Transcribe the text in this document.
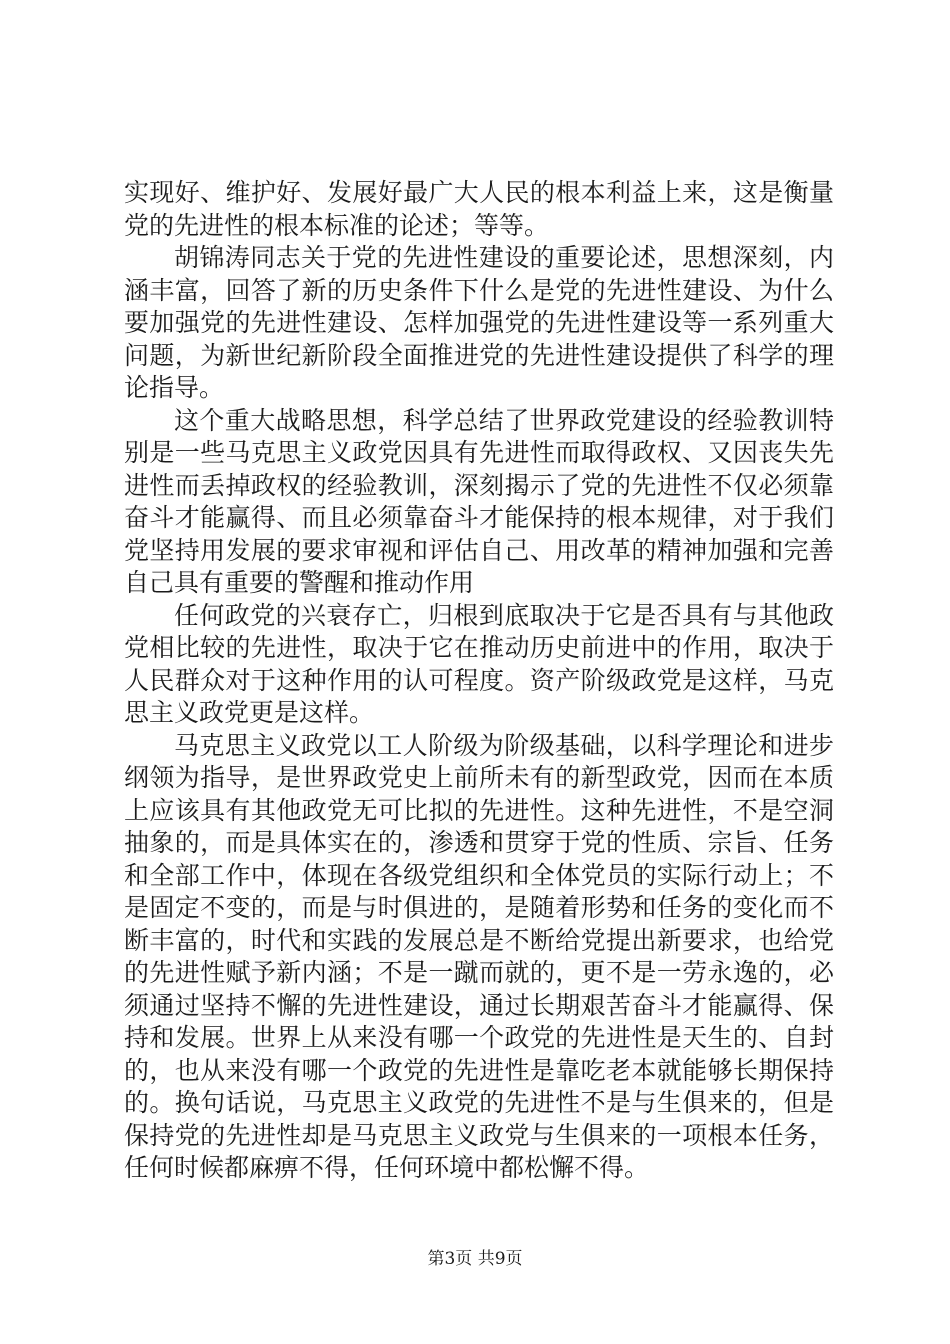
实现好、维护好、发展好最广大人民的根本利益上来，这是衡量党的先进性的根本标准的论述；等等。

胡锦涛同志关于党的先进性建设的重要论述，思想深刻，内涵丰富，回答了新的历史条件下什么是党的先进性建设、为什么要加强党的先进性建设、怎样加强党的先进性建设等一系列重大问题，为新世纪新阶段全面推进党的先进性建设提供了科学的理论指导。

这个重大战略思想，科学总结了世界政党建设的经验教训特别是一些马克思主义政党因具有先进性而取得政权、又因丧失先进性而丢掉政权的经验教训，深刻揭示了党的先进性不仅必须靠奋斗才能赢得、而且必须靠奋斗才能保持的根本规律，对于我们党坚持用发展的要求审视和评估自己、用改革的精神加强和完善自己具有重要的警醒和推动作用

任何政党的兴衰存亡，归根到底取决于它是否具有与其他政党相比较的先进性，取决于它在推动历史前进中的作用，取决于人民群众对于这种作用的认可程度。资产阶级政党是这样，马克思主义政党更是这样。

马克思主义政党以工人阶级为阶级基础，以科学理论和进步纲领为指导，是世界政党史上前所未有的新型政党，因而在本质上应该具有其他政党无可比拟的先进性。这种先进性，不是空洞抽象的，而是具体实在的，渗透和贯穿于党的性质、宗旨、任务和全部工作中，体现在各级党组织和全体党员的实际行动上；不是固定不变的，而是与时俱进的，是随着形势和任务的变化而不断丰富的，时代和实践的发展总是不断给党提出新要求，也给党的先进性赋予新内涵；不是一蹴而就的，更不是一劳永逸的，必须通过坚持不懈的先进性建设，通过长期艰苦奋斗才能赢得、保持和发展。世界上从来没有哪一个政党的先进性是天生的、自封的，也从来没有哪一个政党的先进性是靠吃老本就能够长期保持的。换句话说，马克思主义政党的先进性不是与生俱来的，但是保持党的先进性却是马克思主义政党与生俱来的一项根本任务，任何时候都麻痹不得，任何环境中都松懈不得。

第3页 共9页
